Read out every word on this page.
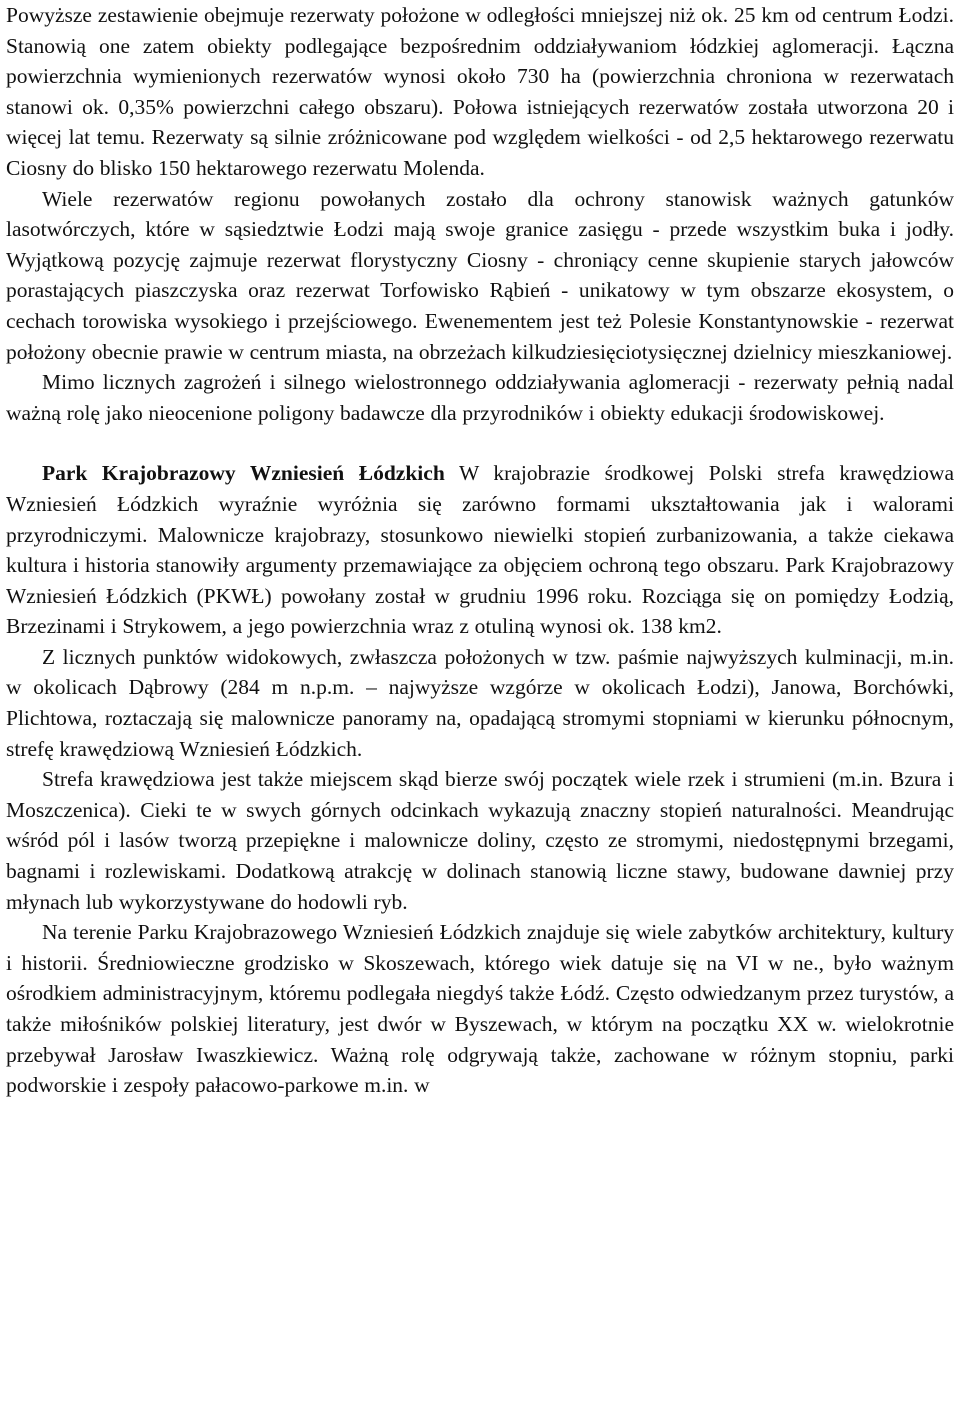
Powyższe zestawienie obejmuje rezerwaty położone w odległości mniejszej niż ok. 25 km od centrum Łodzi. Stanowią one zatem obiekty podlegające bezpośrednim oddziaływaniom łódzkiej aglomeracji. Łączna powierzchnia wymienionych rezerwatów wynosi około 730 ha (powierzchnia chroniona w rezerwatach stanowi ok. 0,35% powierzchni całego obszaru). Połowa istniejących rezerwatów została utworzona 20 i więcej lat temu. Rezerwaty są silnie zróżnicowane pod względem wielkości - od 2,5 hektarowego rezerwatu Ciosny do blisko 150 hektarowego rezerwatu Molenda.

Wiele rezerwatów regionu powołanych zostało dla ochrony stanowisk ważnych gatunków lasotwórczych, które w sąsiedztwie Łodzi mają swoje granice zasięgu - przede wszystkim buka i jodły. Wyjątkową pozycję zajmuje rezerwat florystyczny Ciosny - chroniący cenne skupienie starych jałowców porastających piaszczyska oraz rezerwat Torfowisko Rąbień - unikatowy w tym obszarze ekosystem, o cechach torowiska wysokiego i przejściowego. Ewenementem jest też Polesie Konstantynowskie - rezerwat położony obecnie prawie w centrum miasta, na obrzeżach kilkudziesięciotysięcznej dzielnicy mieszkaniowej.

Mimo licznych zagrożeń i silnego wielostronnego oddziaływania aglomeracji - rezerwaty pełnią nadal ważną rolę jako nieocenione poligony badawcze dla przyrodników i obiekty edukacji środowiskowej.

Park Krajobrazowy Wzniesień Łódzkich W krajobrazie środkowej Polski strefa krawędziowa Wzniesień Łódzkich wyraźnie wyróżnia się zarówno formami ukształtowania jak i walorami przyrodniczymi. Malownicze krajobrazy, stosunkowo niewielki stopień zurbanizowania, a także ciekawa kultura i historia stanowiły argumenty przemawiające za objęciem ochroną tego obszaru. Park Krajobrazowy Wzniesień Łódzkich (PKWŁ) powołany został w grudniu 1996 roku. Rozciąga się on pomiędzy Łodzią, Brzezinami i Strykowem, a jego powierzchnia wraz z otuliną wynosi ok. 138 km2.

Z licznych punktów widokowych, zwłaszcza położonych w tzw. paśmie najwyższych kulminacji, m.in. w okolicach Dąbrowy (284 m n.p.m. – najwyższe wzgórze w okolicach Łodzi), Janowa, Borchówki, Plichtowa, roztaczają się malownicze panoramy na, opadającą stromymi stopniami w kierunku północnym, strefę krawędziową Wzniesień Łódzkich.

Strefa krawędziowa jest także miejscem skąd bierze swój początek wiele rzek i strumieni (m.in. Bzura i Moszczenica). Cieki te w swych górnych odcinkach wykazują znaczny stopień naturalności. Meandrując wśród pól i lasów tworzą przepiękne i malownicze doliny, często ze stromymi, niedostępnymi brzegami, bagnami i rozlewiskami. Dodatkową atrakcję w dolinach stanowią liczne stawy, budowane dawniej przy młynach lub wykorzystywane do hodowli ryb.

Na terenie Parku Krajobrazowego Wzniesień Łódzkich znajduje się wiele zabytków architektury, kultury i historii. Średniowieczne grodzisko w Skoszewach, którego wiek datuje się na VI w ne., było ważnym ośrodkiem administracyjnym, któremu podlegała niegdyś także Łódź. Często odwiedzanym przez turystów, a także miłośników polskiej literatury, jest dwór w Byszewach, w którym na początku XX w. wielokrotnie przebywał Jarosław Iwaszkiewicz. Ważną rolę odgrywają także, zachowane w różnym stopniu, parki podworskie i zespoły pałacowo-parkowe m.in. w
